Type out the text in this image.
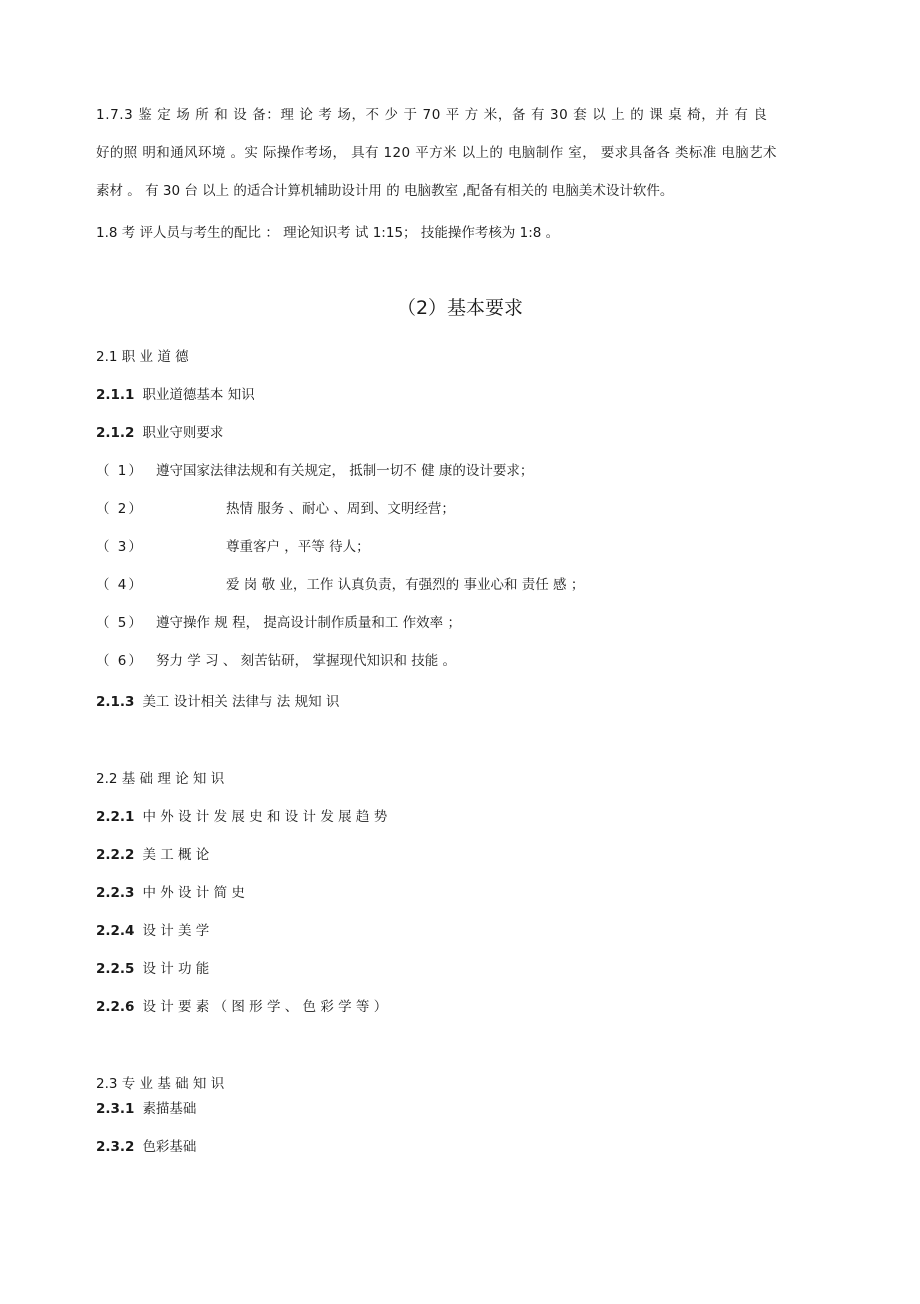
1.7.3 鉴 定 场 所 和 设 备：理 论 考 场，不 少 于 70 平 方 米，备 有 30 套 以 上 的 课 桌 椅，并 有 良
好的照 明和通风环境 。实 际操作考场， 具有 120 平方米 以上的 电脑制作 室， 要求具备各 类标准 电脑艺术
素材 。 有 30 台 以上 的适合计算机辅助设计用 的 电脑教室 ,配备有相关的 电脑美术设计软件。
1.8 考 评人员与考生的配比 ： 理论知识考 试 1:15； 技能操作考核为 1:8 。
（2）基本要求
2.1 职 业 道 德
2.1.1 职业道德基本 知识
2.1.2 职业守则要求
（ 1） 遵守国家法律法规和有关规定， 抵制一切不 健 康的设计要求；
（ 2）	热情 服务 、耐心 、周到、文明经营；
（ 3）	尊重客户 ，平等 待人；
（ 4）	爱 岗 敬 业，工作 认真负责，有强烈的 事业心和 责任 感 ；
（ 5） 遵守操作 规 程， 提高设计制作质量和工 作效率 ；
（ 6） 努力 学 习 、 刻苦钻研， 掌握现代知识和 技能 。
2.1.3 美工 设计相关 法律与 法 规知 识
2.2 基 础 理 论 知 识
2.2.1 中 外 设 计 发 展 史 和 设 计 发 展 趋 势
2.2.2 美 工 概 论
2.2.3 中 外 设 计 简 史
2.2.4 设 计 美 学
2.2.5 设 计 功 能
2.2.6 设 计 要 素 （ 图 形 学 、 色 彩 学 等 ）
2.3 专 业 基 础 知 识
2.3.1 素描基础
2.3.2 色彩基础
